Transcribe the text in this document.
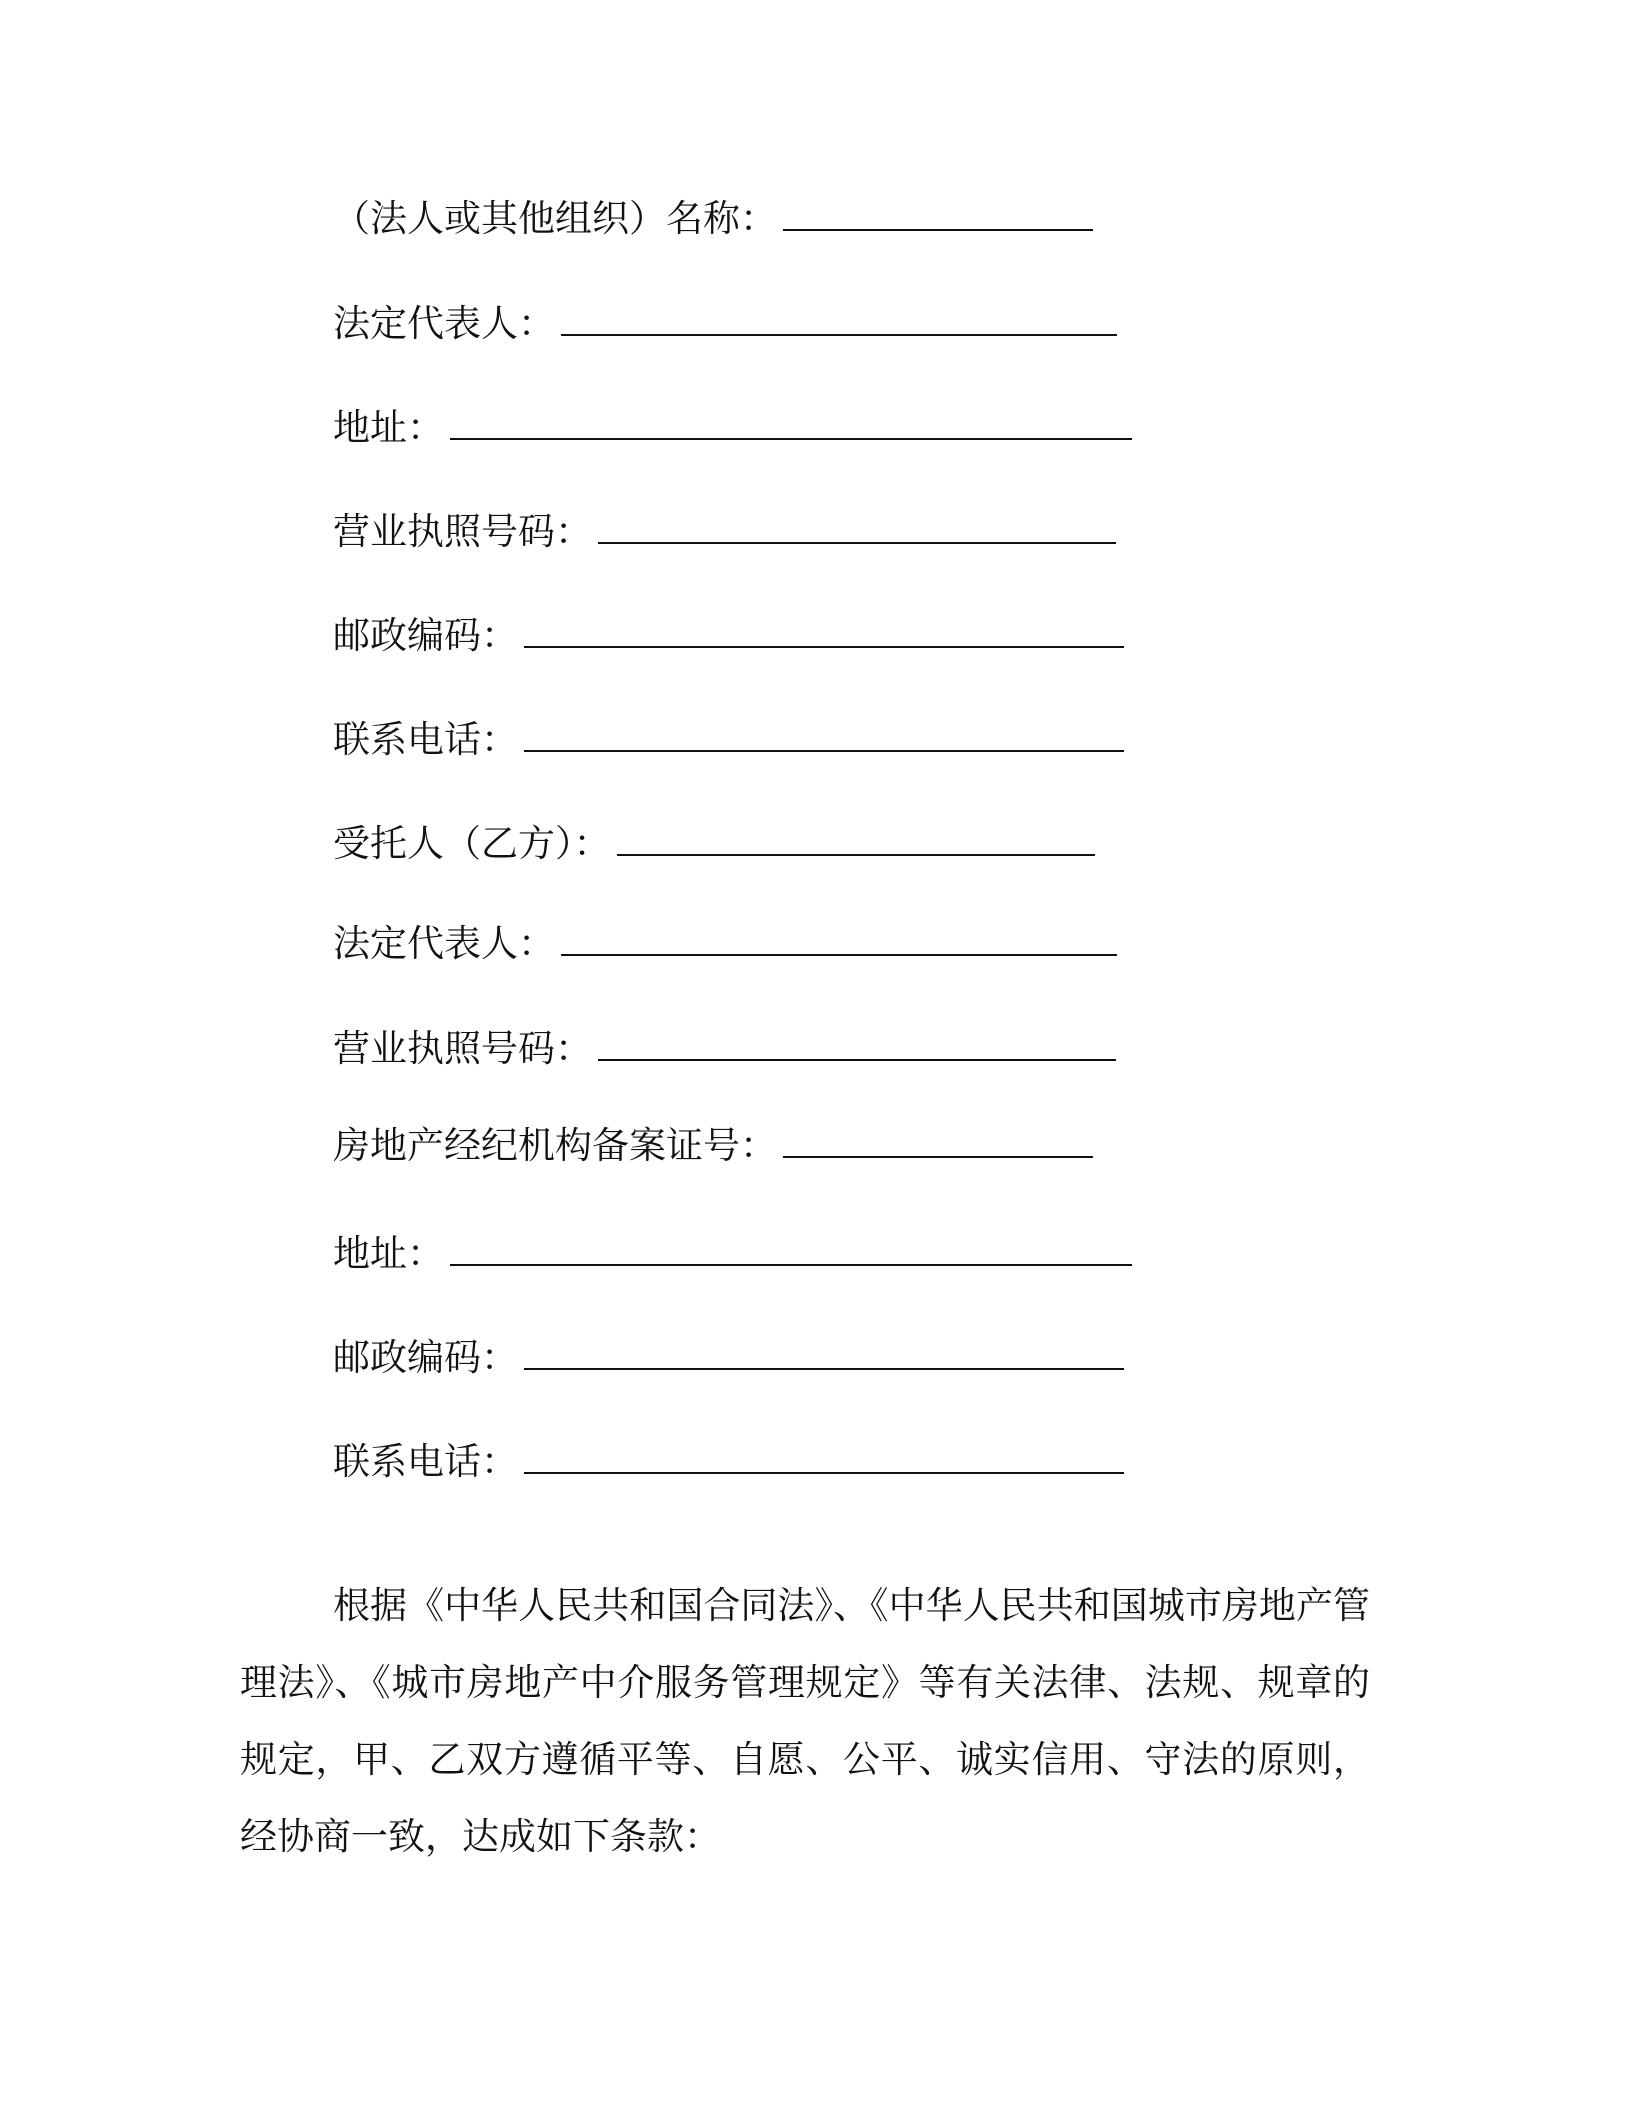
（法人或其他组织）名称：
法定代表人：
地址：
营业执照号码：
邮政编码：
联系电话：
受托人（乙方）：
法定代表人：
营业执照号码：
房地产经纪机构备案证号：
地址：
邮政编码：
联系电话：

根据《中华人民共和国合同法》、《中华人民共和国城市房地产管理法》、《城市房地产中介服务管理规定》等有关法律、法规、规章的规定，甲、乙双方遵循平等、自愿、公平、诚实信用、守法的原则，经协商一致，达成如下条款：
